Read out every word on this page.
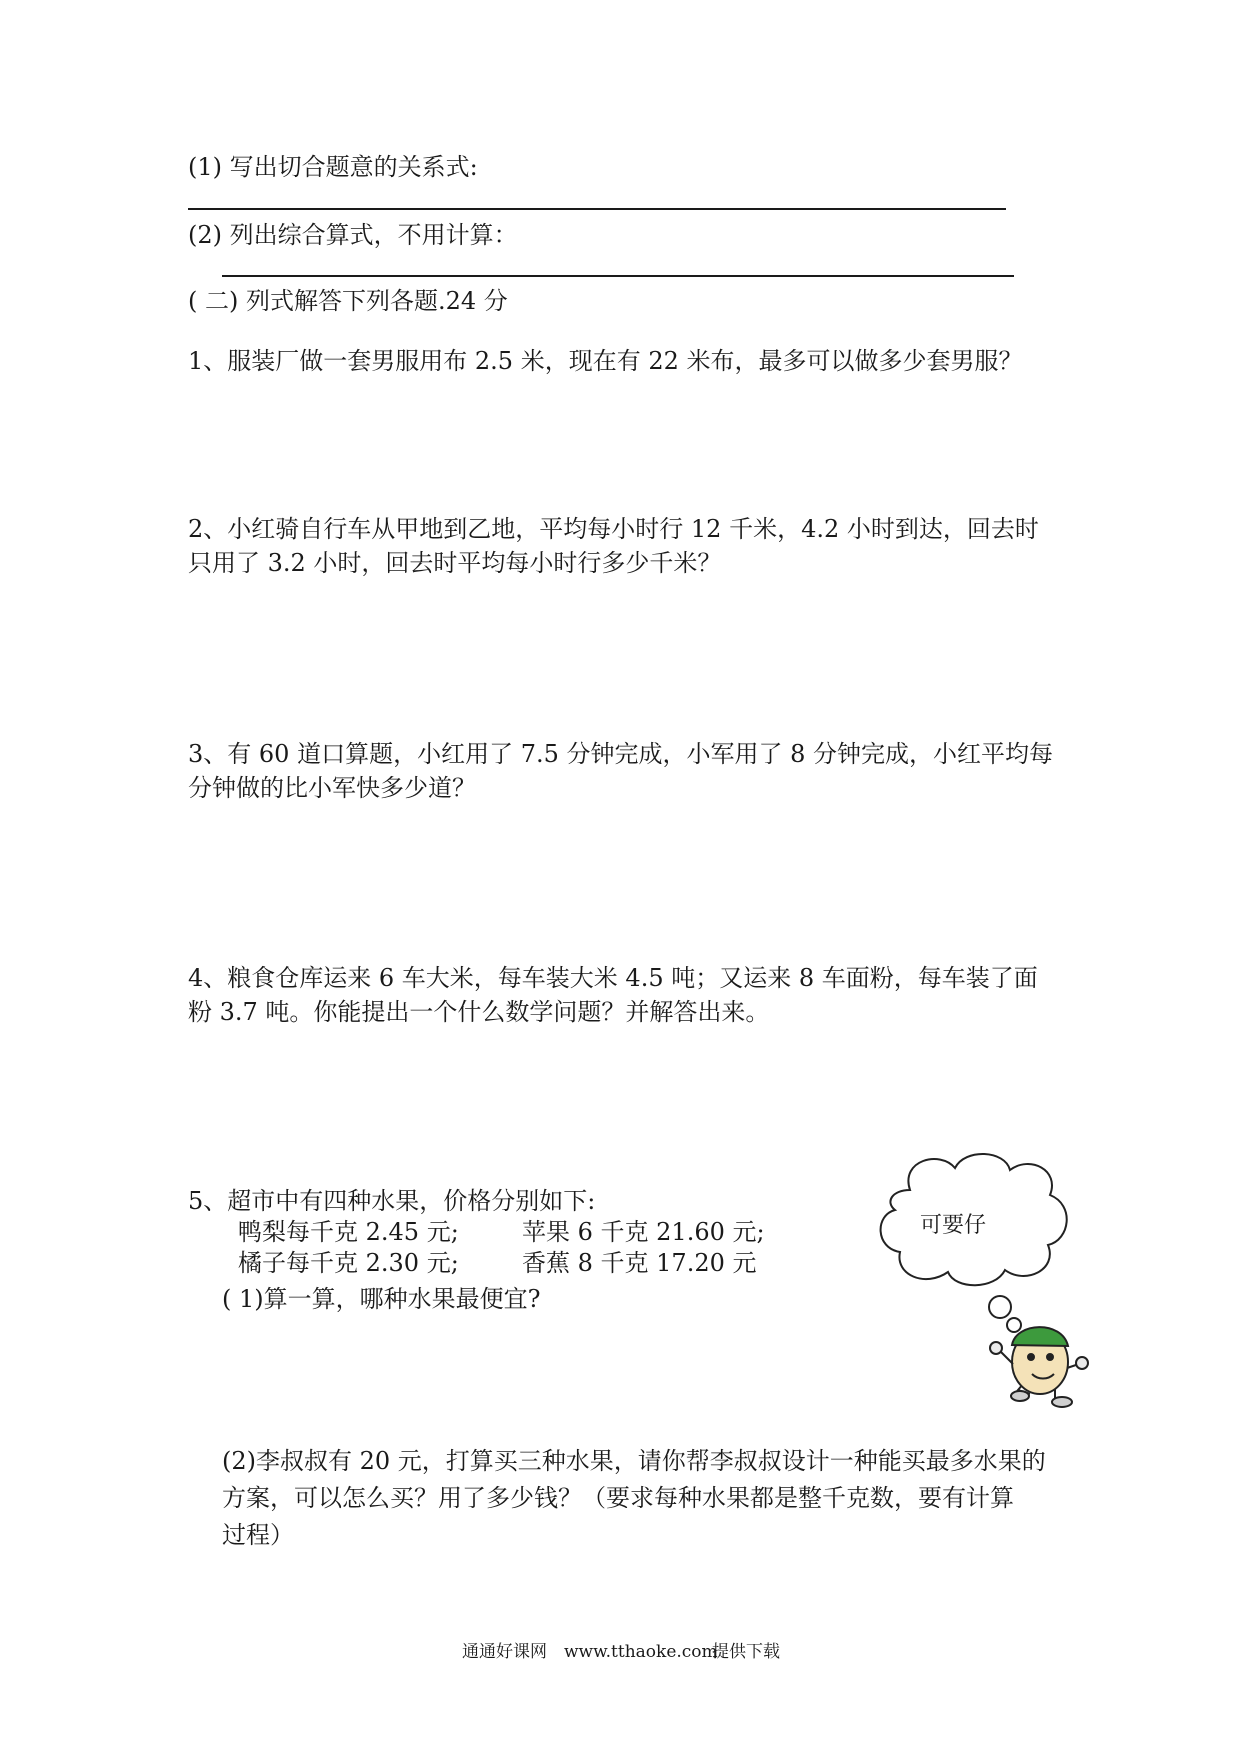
(1) 写出切合题意的关系式:
(2) 列出综合算式，不用计算：
( 二) 列式解答下列各题.24 分
1、服装厂做一套男服用布 2.5 米，现在有 22 米布，最多可以做多少套男服？
2、小红骑自行车从甲地到乙地，平均每小时行 12 千米，4.2 小时到达，回去时
只用了 3.2 小时，回去时平均每小时行多少千米？
3、有 60 道口算题，小红用了 7.5 分钟完成，小军用了 8 分钟完成，小红平均每
分钟做的比小军快多少道？
4、粮食仓库运来 6 车大米，每车装大米 4.5 吨；又运来 8 车面粉，每车装了面
粉 3.7 吨。你能提出一个什么数学问题？并解答出来。
5、超市中有四种水果，价格分别如下:
鸭梨每千克 2.45 元;	苹果 6 千克 21.60 元;
橘子每千克 2.30 元;	香蕉 8 千克 17.20 元
( 1)算一算，哪种水果最便宜?
(2)李叔叔有 20 元，打算买三种水果，请你帮李叔叔设计一种能买最多水果的
方案，可以怎么买？用了多少钱？（要求每种水果都是整千克数，要有计算
过程）
可要仔
通通好课网 www.tthaoke.com
提供下载
